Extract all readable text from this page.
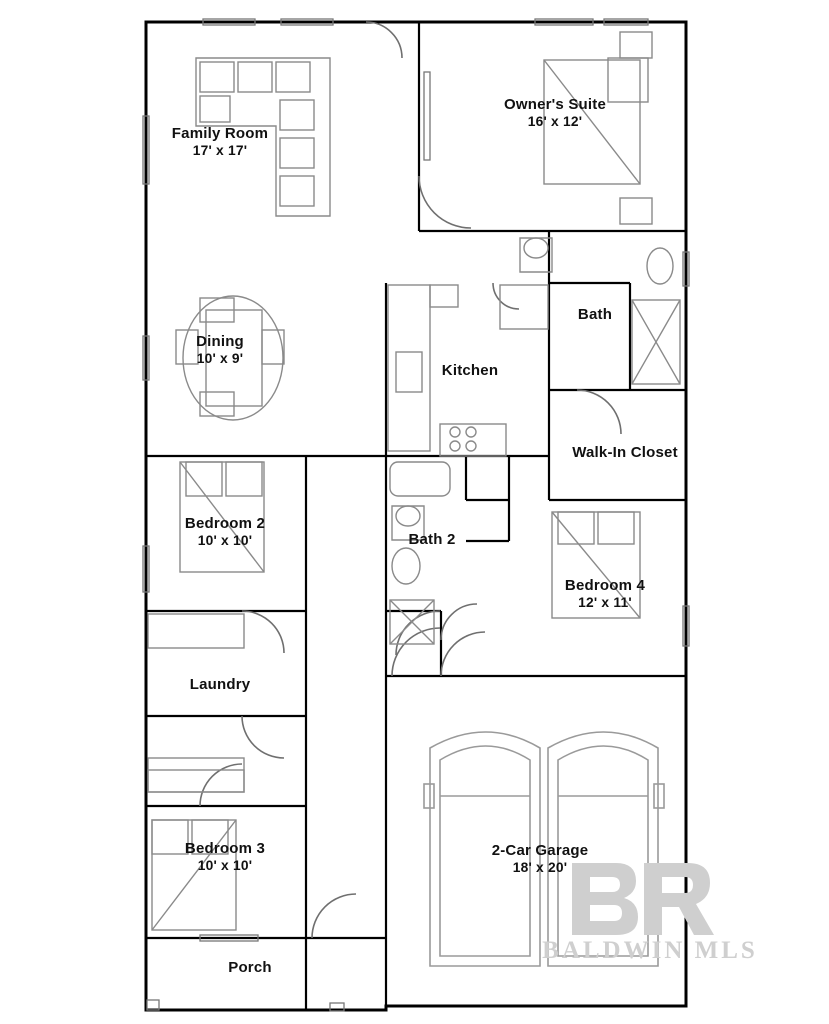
Family Room
17' x 17'
Dining
10' x 9'
Bedroom 2
10' x 10'
Bedroom 3
10' x 10'
Laundry
Porch
Owner's Suite
16' x 12'
Kitchen
Bath
Walk-In Closet
Bath 2
Bedroom 4
12' x 11'
2-Car Garage
18' x 20'
BALDWIN MLS
